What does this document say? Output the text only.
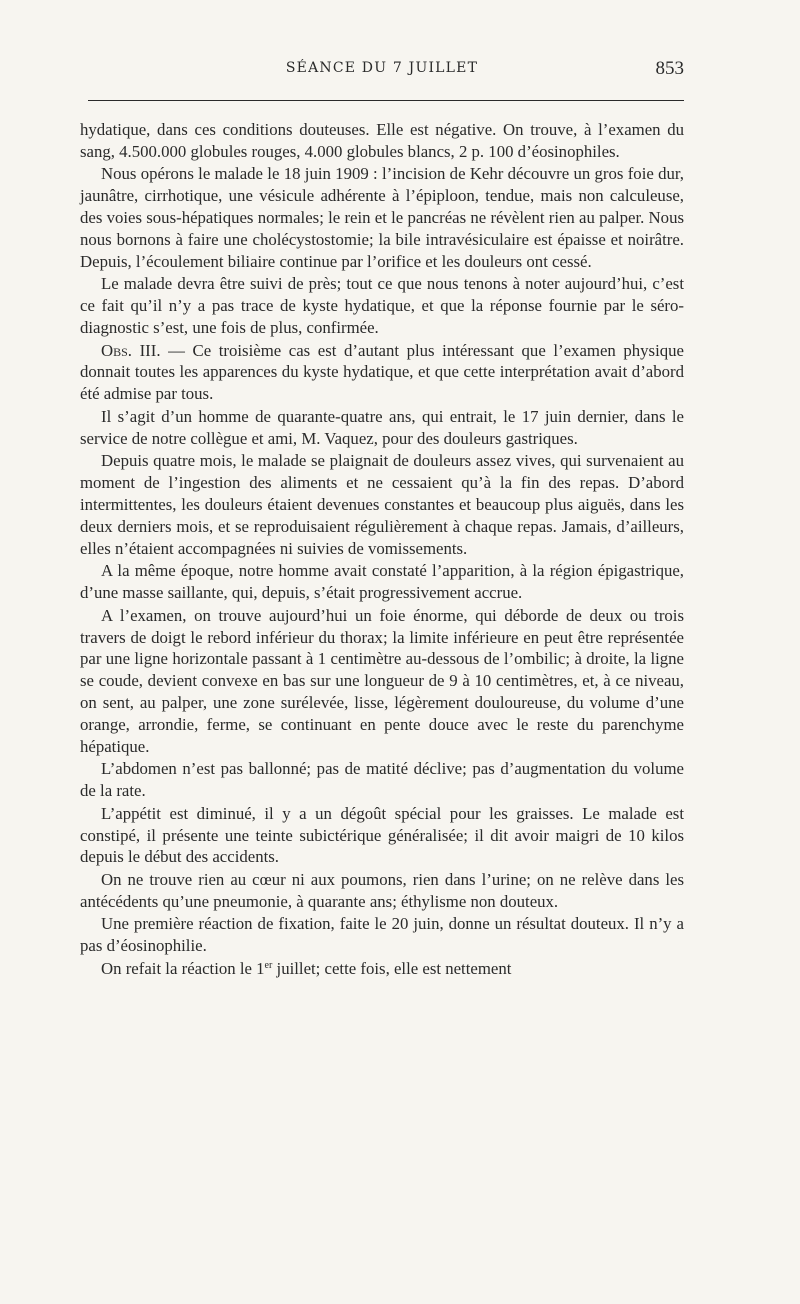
SÉANCE DU 7 JUILLET	853

hydatique, dans ces conditions douteuses. Elle est négative. On trouve, à l’examen du sang, 4.500.000 globules rouges, 4.000 globules blancs, 2 p. 100 d’éosinophiles.

Nous opérons le malade le 18 juin 1909 : l’incision de Kehr découvre un gros foie dur, jaunâtre, cirrhotique, une vésicule adhérente à l’épiploon, tendue, mais non calculeuse, des voies sous-hépatiques normales; le rein et le pancréas ne révèlent rien au palper. Nous nous bornons à faire une cholécystostomie; la bile intravésiculaire est épaisse et noirâtre. Depuis, l’écoulement biliaire continue par l’orifice et les douleurs ont cessé.

Le malade devra être suivi de près; tout ce que nous tenons à noter aujourd’hui, c’est ce fait qu’il n’y a pas trace de kyste hydatique, et que la réponse fournie par le séro-diagnostic s’est, une fois de plus, confirmée.

Obs. III. — Ce troisième cas est d’autant plus intéressant que l’examen physique donnait toutes les apparences du kyste hydatique, et que cette interprétation avait d’abord été admise par tous.

Il s’agit d’un homme de quarante-quatre ans, qui entrait, le 17 juin dernier, dans le service de notre collègue et ami, M. Vaquez, pour des douleurs gastriques.

Depuis quatre mois, le malade se plaignait de douleurs assez vives, qui survenaient au moment de l’ingestion des aliments et ne cessaient qu’à la fin des repas. D’abord intermittentes, les douleurs étaient devenues constantes et beaucoup plus aiguës, dans les deux derniers mois, et se reproduisaient régulièrement à chaque repas. Jamais, d’ailleurs, elles n’étaient accompagnées ni suivies de vomissements.

A la même époque, notre homme avait constaté l’apparition, à la région épigastrique, d’une masse saillante, qui, depuis, s’était progressivement accrue.

A l’examen, on trouve aujourd’hui un foie énorme, qui déborde de deux ou trois travers de doigt le rebord inférieur du thorax; la limite inférieure en peut être représentée par une ligne horizontale passant à 1 centimètre au-dessous de l’ombilic; à droite, la ligne se coude, devient convexe en bas sur une longueur de 9 à 10 centimètres, et, à ce niveau, on sent, au palper, une zone surélevée, lisse, légèrement douloureuse, du volume d’une orange, arrondie, ferme, se continuant en pente douce avec le reste du parenchyme hépatique.

L’abdomen n’est pas ballonné; pas de matité déclive; pas d’augmentation du volume de la rate.

L’appétit est diminué, il y a un dégoût spécial pour les graisses. Le malade est constipé, il présente une teinte subictérique généralisée; il dit avoir maigri de 10 kilos depuis le début des accidents.

On ne trouve rien au cœur ni aux poumons, rien dans l’urine; on ne relève dans les antécédents qu’une pneumonie, à quarante ans; éthylisme non douteux.

Une première réaction de fixation, faite le 20 juin, donne un résultat douteux. Il n’y a pas d’éosinophilie.

On refait la réaction le 1er juillet; cette fois, elle est nettement
